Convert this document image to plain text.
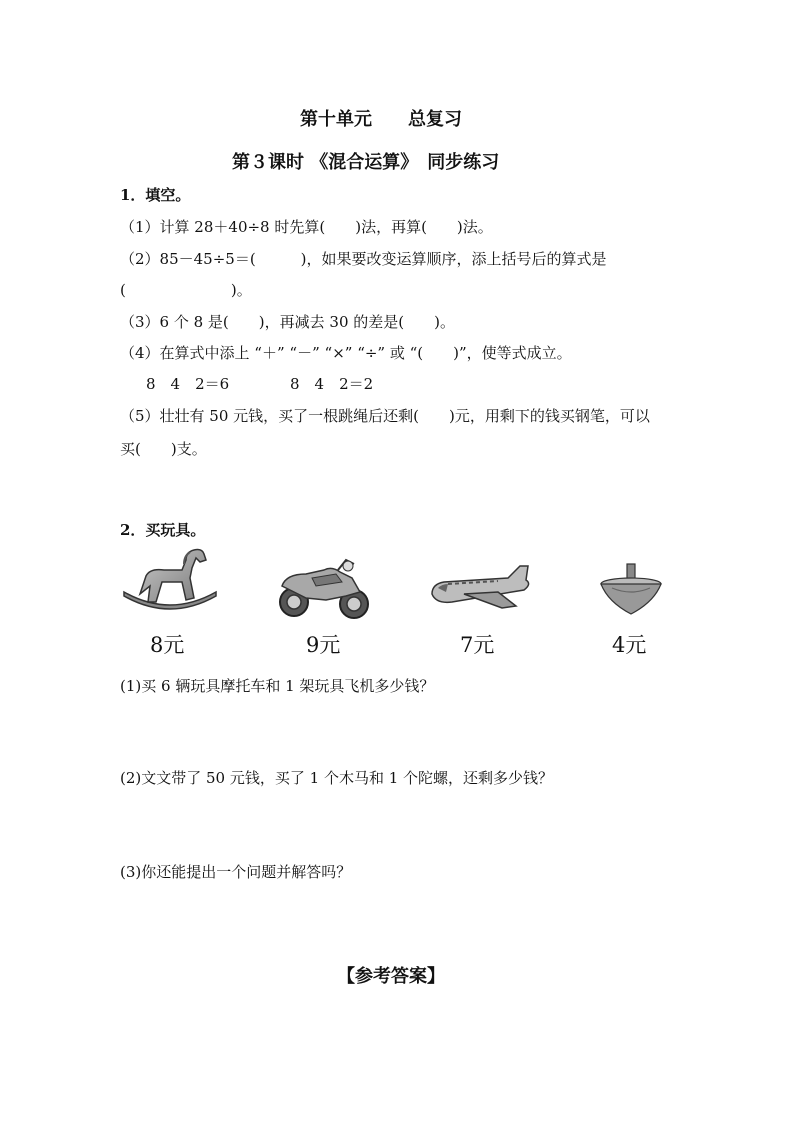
第十单元　　总复习
第３课时 《混合运算》　同步练习
1．填空。
（1）计算 28＋40÷8 时先算(　　)法，再算(　　)法。
（2）85－45÷5＝(　　　)，如果要改变运算顺序，添上括号后的算式是
(　　　　　　　)。
（3）6 个 8 是(　　)，再减去 30 的差是(　　)。
（4）在算式中添上 “＋” “－” “×” “÷” 或 “(　　)”，使等式成立。
8　4　2＝6	8　4　2＝2
（5）壮壮有 50 元钱，买了一根跳绳后还剩(　　)元，用剩下的钱买钢笔，可以
买(　　)支。
2．买玩具。
8元	9元	7元	4元
(1)买 6 辆玩具摩托车和 1 架玩具飞机多少钱？
(2)文文带了 50 元钱，买了 1 个木马和 1 个陀螺，还剩多少钱？
(3)你还能提出一个问题并解答吗？
【参考答案】
